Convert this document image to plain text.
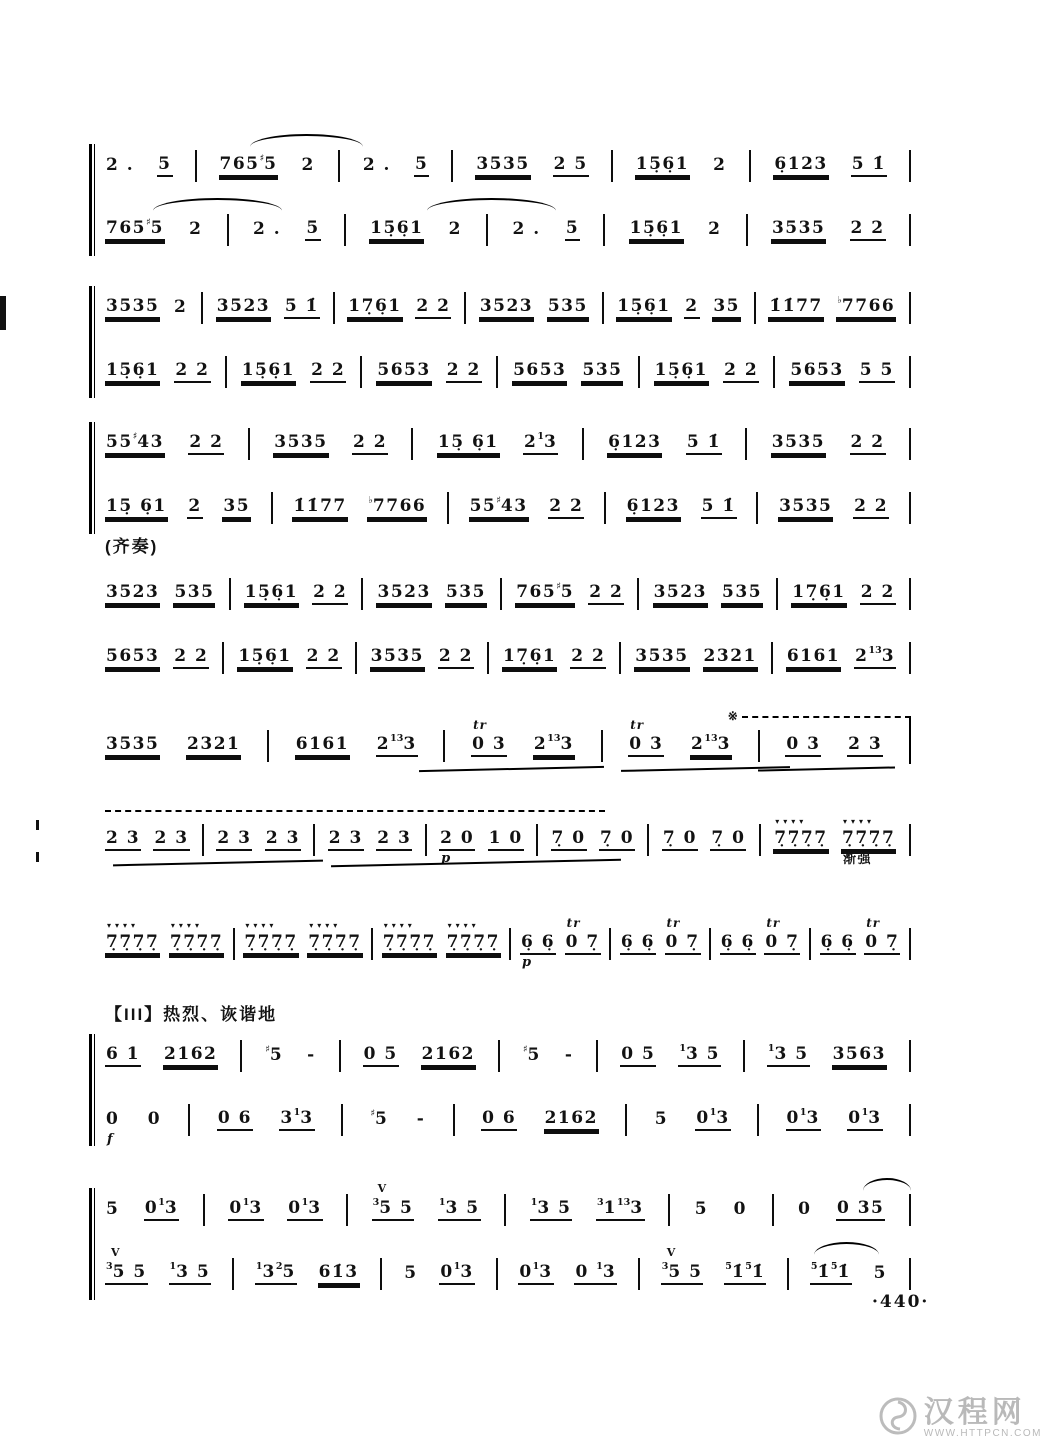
2 . 5	765♯5 2	2 . 5	3535 2 5	15̣6̣1 2	6̣123 5 1̇
765♯5 2	2 . 5	15̣6̣1 2	2 . 5	15̣6̣1 2	3535 2 2
3535 2 3523 5 1̇ 17̣6̣1 2 2 3523 535 15̣6̣1 2 35 1̇1̇77 ♭7766
15̣6̣1 2 2 15̣6̣1 2 2 5653 2 2 5653 535 15̣6̣1 2 2 5653 5 5
55♯43 2 2	3535 2 2	15̣ 6̣1 $2^13$	6̣123 5 1̇	3535 2 2
15̣ 6̣1 2 35	1̇1̇77 ♭7766	55♯43 2 2	6̣123 5 1̇	3535 2 2
(齐奏)
3523 535 15̣6̣1 2 2 3523 535 765♯5 2 2 3523 535 17̣6̣1 2 2
5653 2 2 15̣6̣1 2 2 3535 2 2 17̣6̣1 2 2 3535 2321 6161 $2^{13}3$
3535 2321	6161 $2^{13}3$	0 3
tr
$2^{13}3$	0 3
tr
$2^{13}3$	0 3 2 3
※
2 3 2 3 2 3 2 3 2 3 2 3 2 0
p
1 0 7̣ 0 7̣ 0 7̣ 0 7̣ 0 7̣7̣7̣7̣
▾▾▾▾
7̣7̣7̣7̣
▾▾▾▾
渐强
7̣7̣7̣7̣
▾▾▾▾
7̣7̣7̣7̣
▾▾▾▾
7̣7̣7̣7̣
▾▾▾▾
7̣7̣7̣7̣
▾▾▾▾
7̣7̣7̣7̣
▾▾▾▾
7̣7̣7̣7̣
▾▾▾▾
6̣ 6̣
p
0 7̣
tr
6̣ 6̣ 0 7̣
tr
6̣ 6̣ 0 7̣
tr
6̣ 6̣ 0 7̣
tr
【III】热烈、诙谐地
6 1 2162	♯5 -	0 5 2162	♯5 -	0 5	$^1$3 5	$^1$3 5 3563
0
f
0	0 6 $3^13$	♯5 -	0 6 2162	5 $0^13$	$0^13$ $0^13$
5 $0^13$	$0^13$ $0^13$	$^3$5 5
V
$^1$3 5	$^1$3 5	$^31^{13}3$	5 0	0 0 35
$^3$5 5
V
$^1$3 5	$^13^25$ 61̇3	5 $0^13$	$0^13$ 0 $^1$3	$^3$5 5
V
$^5$1̇$^5$1̇	$^5$1̇$^5$1̇ 5
·440·
汉程网
WWW.HTTPCN.COM
